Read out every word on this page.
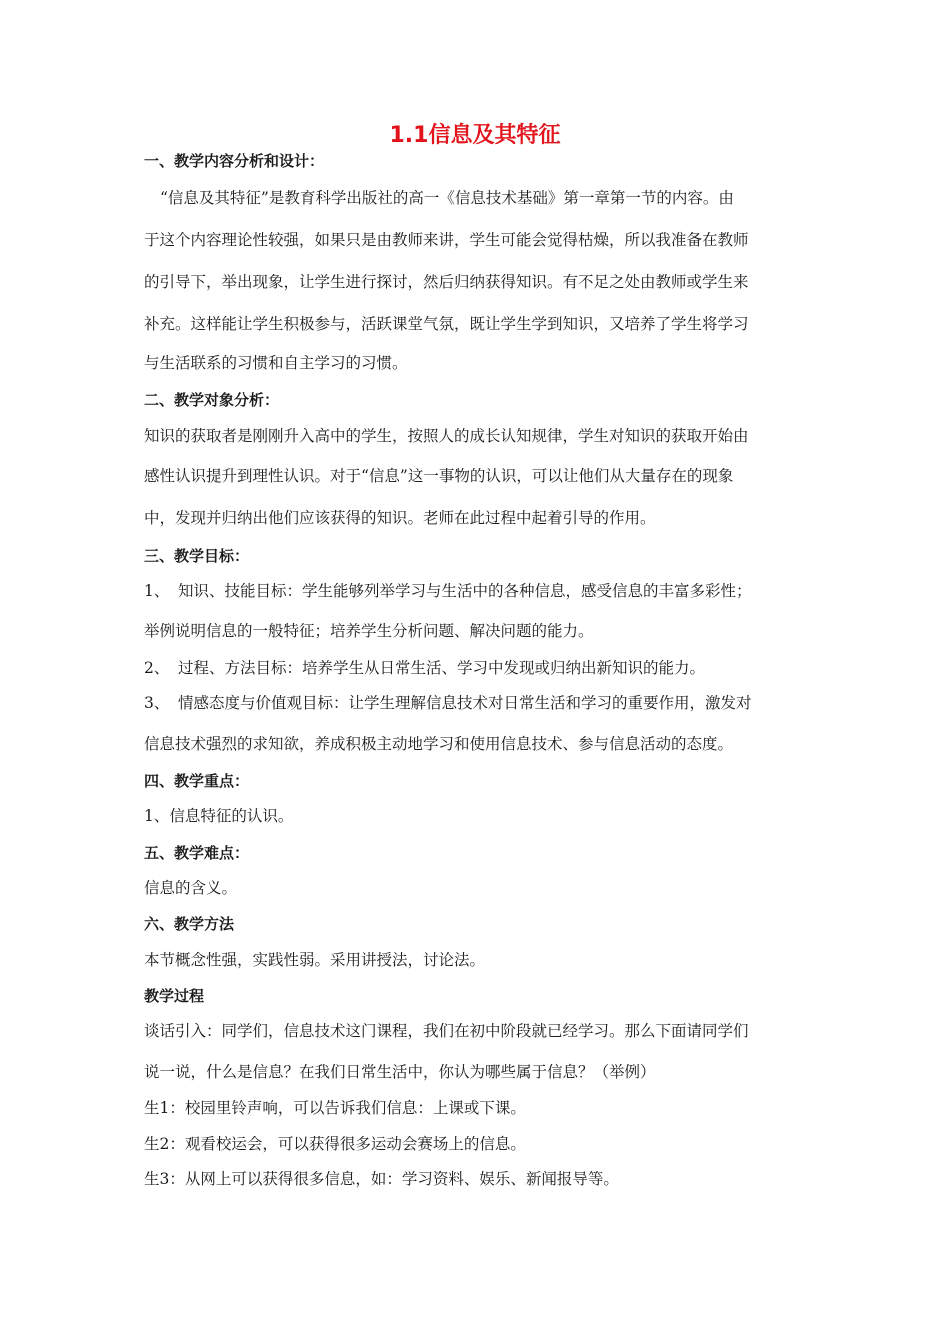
1.1信息及其特征
一、教学内容分析和设计：
“信息及其特征”是教育科学出版社的高一《信息技术基础》第一章第一节的内容。由
于这个内容理论性较强，如果只是由教师来讲，学生可能会觉得枯燥，所以我准备在教师
的引导下，举出现象，让学生进行探讨，然后归纳获得知识。有不足之处由教师或学生来
补充。这样能让学生积极参与，活跃课堂气氛，既让学生学到知识，又培养了学生将学习
与生活联系的习惯和自主学习的习惯。
二、教学对象分析：
知识的获取者是刚刚升入高中的学生，按照人的成长认知规律，学生对知识的获取开始由
感性认识提升到理性认识。对于“信息”这一事物的认识，可以让他们从大量存在的现象
中，发现并归纳出他们应该获得的知识。老师在此过程中起着引导的作用。
三、教学目标：
1、 知识、技能目标：学生能够列举学习与生活中的各种信息，感受信息的丰富多彩性；
举例说明信息的一般特征；培养学生分析问题、解决问题的能力。
2、 过程、方法目标：培养学生从日常生活、学习中发现或归纳出新知识的能力。
3、 情感态度与价值观目标：让学生理解信息技术对日常生活和学习的重要作用，激发对
信息技术强烈的求知欲，养成积极主动地学习和使用信息技术、参与信息活动的态度。
四、教学重点：
1、信息特征的认识。
五、教学难点：
信息的含义。
六、教学方法
本节概念性强，实践性弱。采用讲授法，讨论法。
教学过程
谈话引入：同学们，信息技术这门课程，我们在初中阶段就已经学习。那么下面请同学们
说一说，什么是信息？在我们日常生活中，你认为哪些属于信息？（举例）
生1：校园里铃声响，可以告诉我们信息：上课或下课。
生2：观看校运会，可以获得很多运动会赛场上的信息。
生3：从网上可以获得很多信息，如：学习资料、娱乐、新闻报导等。
